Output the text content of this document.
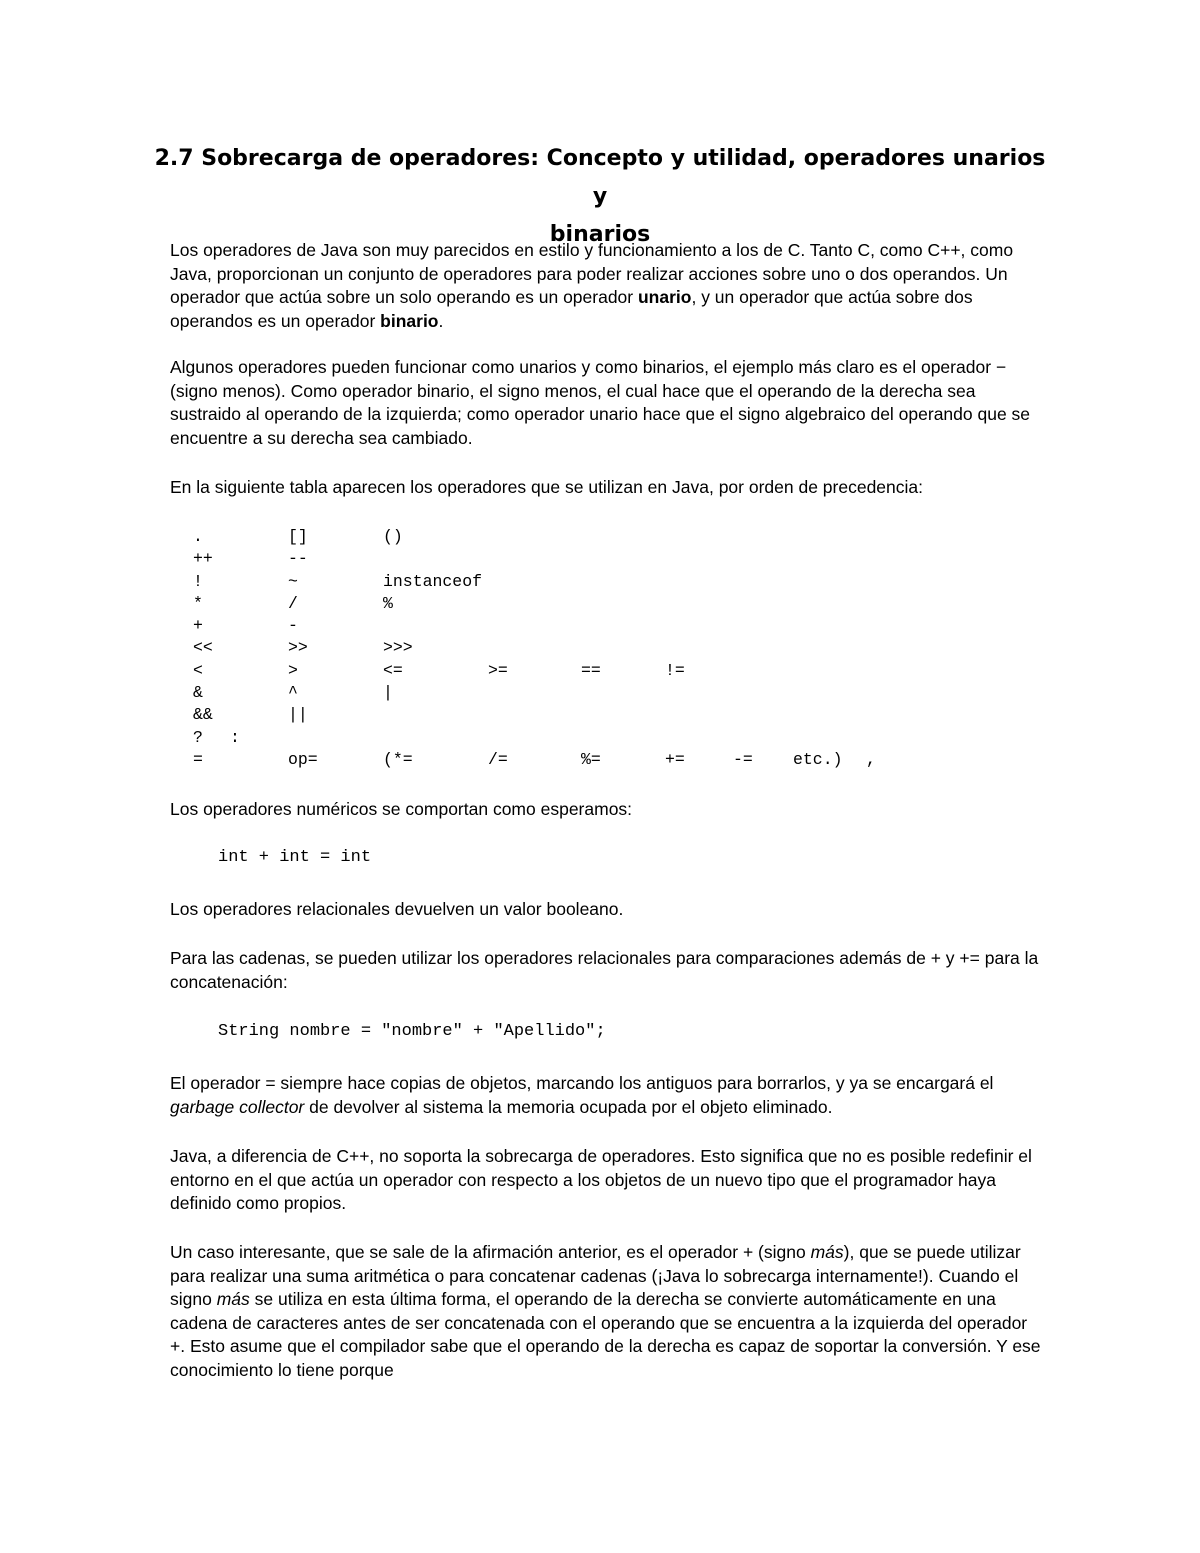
2.7 Sobrecarga de operadores: Concepto y utilidad, operadores unarios y
binarios

Los operadores de Java son muy parecidos en estilo y funcionamiento a los de C. Tanto C, como C++, como Java, proporcionan un conjunto de operadores para poder realizar acciones sobre uno o dos operandos. Un operador que actúa sobre un solo operando es un operador unario, y un operador que actúa sobre dos operandos es un operador binario.

Algunos operadores pueden funcionar como unarios y como binarios, el ejemplo más claro es el operador − (signo menos). Como operador binario, el signo menos, el cual hace que el operando de la derecha sea sustraido al operando de la izquierda; como operador unario hace que el signo algebraico del operando que se encuentre a su derecha sea cambiado.

En la siguiente tabla aparecen los operadores que se utilizan en Java, por orden de precedencia:

.	[]	()
++	--
!	~	instanceof
*	/	%
+	-
<<	>>	>>>
<	>	<=	>=	==	!=
&	^	|
&&	||
? :
=	op=	(*=	/=	%=	+=	-= etc.) ,

Los operadores numéricos se comportan como esperamos:

int + int = int

Los operadores relacionales devuelven un valor booleano.

Para las cadenas, se pueden utilizar los operadores relacionales para comparaciones además de + y += para la concatenación:

String nombre = "nombre" + "Apellido";

El operador = siempre hace copias de objetos, marcando los antiguos para borrarlos, y ya se encargará el garbage collector de devolver al sistema la memoria ocupada por el objeto eliminado.

Java, a diferencia de C++, no soporta la sobrecarga de operadores. Esto significa que no es posible redefinir el entorno en el que actúa un operador con respecto a los objetos de un nuevo tipo que el programador haya definido como propios.

Un caso interesante, que se sale de la afirmación anterior, es el operador + (signo más), que se puede utilizar para realizar una suma aritmética o para concatenar cadenas (¡Java lo sobrecarga internamente!). Cuando el signo más se utiliza en esta última forma, el operando de la derecha se convierte automáticamente en una cadena de caracteres antes de ser concatenada con el operando que se encuentra a la izquierda del operador +. Esto asume que el compilador sabe que el operando de la derecha es capaz de soportar la conversión. Y ese conocimiento lo tiene porque
